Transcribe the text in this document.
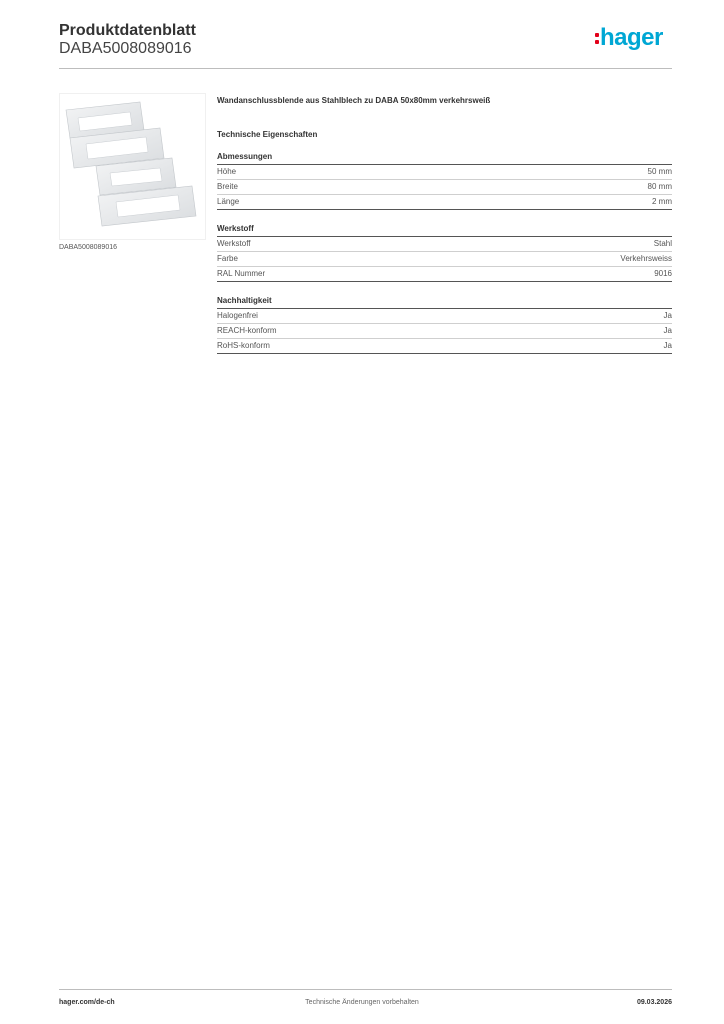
Produktdatenblatt
DABA5008089016	hager
DABA5008089016
Wandanschlussblende aus Stahlblech zu DABA 50x80mm verkehrsweiß
Technische Eigenschaften
Abmessungen
Höhe	50 mm
Breite	80 mm
Länge	2 mm
Werkstoff
Werkstoff	Stahl
Farbe	Verkehrsweiss
RAL Nummer	9016
Nachhaltigkeit
Halogenfrei	Ja
REACH-konform	Ja
RoHS-konform	Ja
hager.com/de-ch	Technische Änderungen vorbehalten	09.03.2026
